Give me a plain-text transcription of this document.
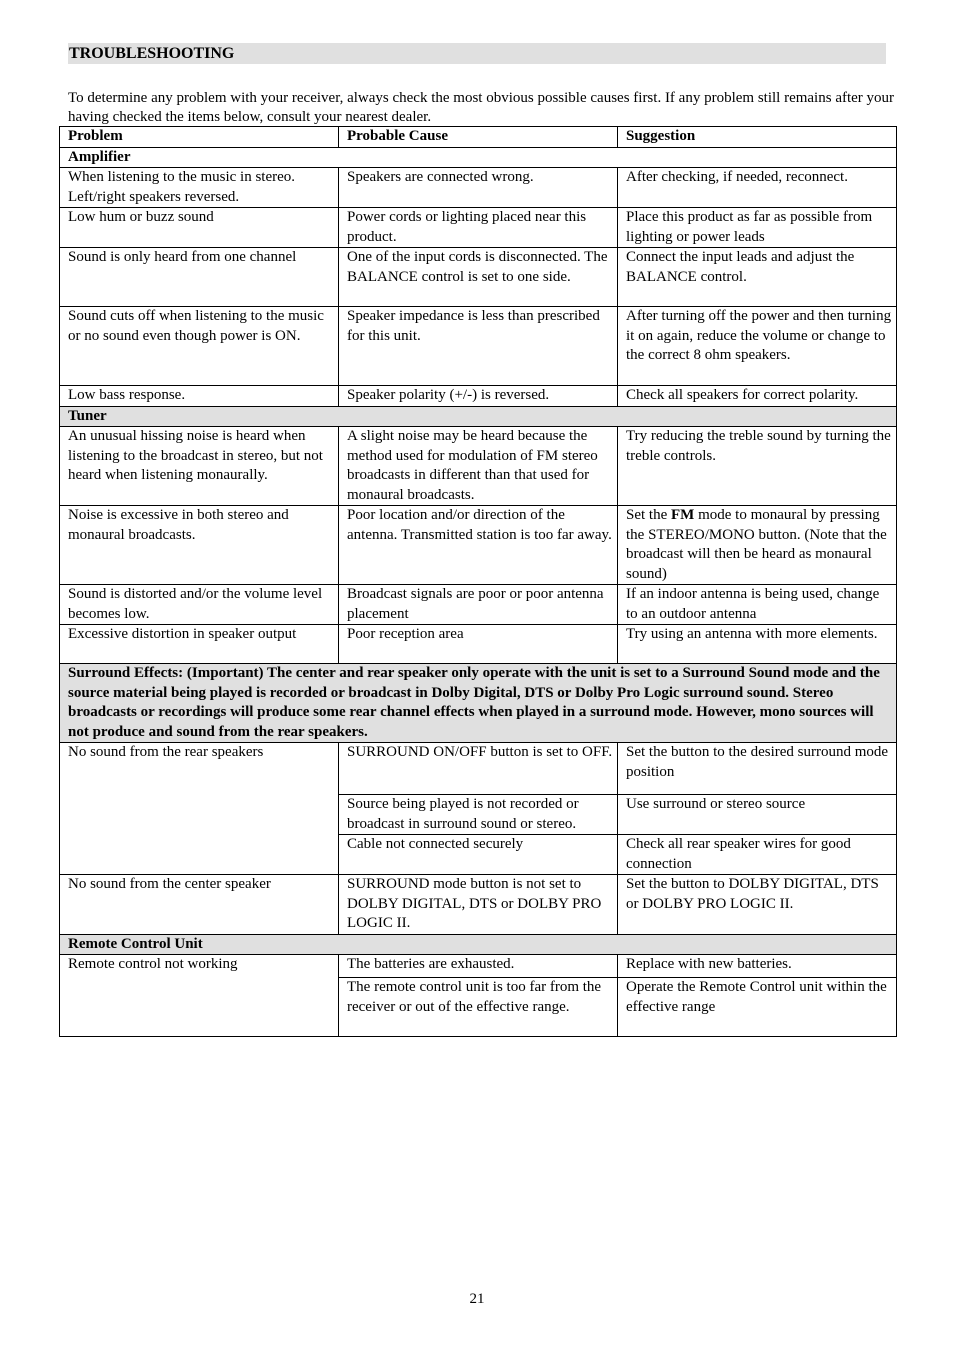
TROUBLESHOOTING
To determine any problem with your receiver, always check the most obvious possible causes first. If any problem still remains after your having checked the items below, consult your nearest dealer.
Problem	Probable Cause	Suggestion
Amplifier		
When listening to the music in stereo. Left/right speakers reversed.	Speakers are connected wrong.	After checking, if needed, reconnect.
Low hum or buzz sound	Power cords or lighting placed near this product.	Place this product as far as possible from lighting or power leads
Sound is only heard from one channel	One of the input cords is disconnected. The BALANCE control is set to one side.	Connect the input leads and adjust the BALANCE control.
Sound cuts off when listening to the music or no sound even though power is ON.	Speaker impedance is less than prescribed for this unit.	After turning off the power and then turning it on again, reduce the volume or change to the correct 8 ohm speakers.
Low bass response.	Speaker polarity (+/-) is reversed.	Check all speakers for correct polarity.
Tuner		
An unusual hissing noise is heard when listening to the broadcast in stereo, but not heard when listening monaurally.	A slight noise may be heard because the method used for modulation of FM stereo broadcasts in different than that used for monaural broadcasts.	Try reducing the treble sound by turning the treble controls.
Noise is excessive in both stereo and monaural broadcasts.	Poor location and/or direction of the antenna. Transmitted station is too far away.	Set the FM mode to monaural by pressing the STEREO/MONO button. (Note that the broadcast will then be heard as monaural sound)
Sound is distorted and/or the volume level becomes low.	Broadcast signals are poor or poor antenna placement	If an indoor antenna is being used, change to an outdoor antenna
Excessive distortion in speaker output	Poor reception area	Try using an antenna with more elements.
Surround Effects: (Important) The center and rear speaker only operate with the unit is set to a Surround Sound mode and the source material being played is recorded or broadcast in Dolby Digital, DTS or Dolby Pro Logic surround sound. Stereo broadcasts or recordings will produce some rear channel effects when played in a surround mode. However, mono sources will not produce and sound from the rear speakers.		
No sound from the rear speakers	SURROUND ON/OFF button is set to OFF.	Set the button to the desired surround mode position
	Source being played is not recorded or broadcast in surround sound or stereo.	Use surround or stereo source
	Cable not connected securely	Check all rear speaker wires for good connection
No sound from the center speaker	SURROUND mode button is not set to DOLBY DIGITAL, DTS or DOLBY PRO LOGIC II.	Set the button to DOLBY DIGITAL, DTS or DOLBY PRO LOGIC II.
Remote Control Unit		
Remote control not working	The batteries are exhausted.	Replace with new batteries.
	The remote control unit is too far from the receiver or out of the effective range.	Operate the Remote Control unit within the effective range
21
